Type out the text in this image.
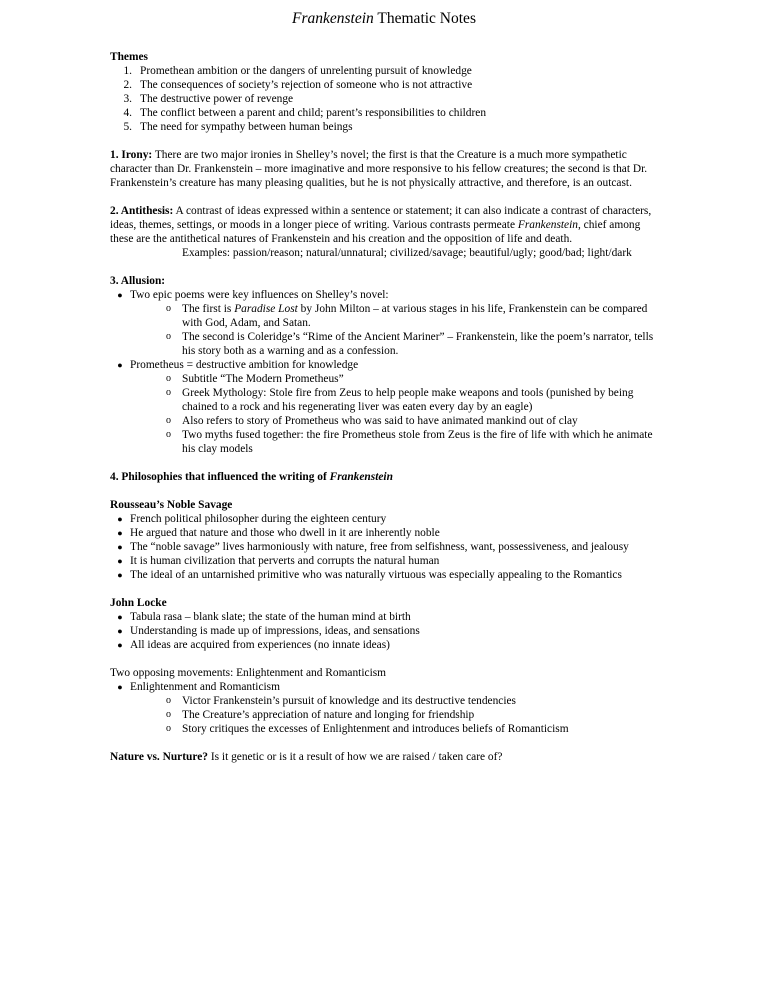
Frankenstein Thematic Notes

Themes

1. Promethean ambition or the dangers of unrelenting pursuit of knowledge
2. The consequences of society’s rejection of someone who is not attractive
3. The destructive power of revenge
4. The conflict between a parent and child; parent’s responsibilities to children
5. The need for sympathy between human beings

1. Irony: There are two major ironies in Shelley’s novel; the first is that the Creature is a much more sympathetic character than Dr. Frankenstein – more imaginative and more responsive to his fellow creatures; the second is that Dr. Frankenstein’s creature has many pleasing qualities, but he is not physically attractive, and therefore, is an outcast.

2. Antithesis: A contrast of ideas expressed within a sentence or statement; it can also indicate a contrast of characters, ideas, themes, settings, or moods in a longer piece of writing. Various contrasts permeate Frankenstein, chief among these are the antithetical natures of Frankenstein and his creation and the opposition of life and death.

Examples: passion/reason; natural/unnatural; civilized/savage; beautiful/ugly; good/bad; light/dark

3. Allusion:

● Two epic poems were key influences on Shelley’s novel:
o The first is Paradise Lost by John Milton – at various stages in his life, Frankenstein can be compared with God, Adam, and Satan.
o The second is Coleridge’s “Rime of the Ancient Mariner” – Frankenstein, like the poem’s narrator, tells his story both as a warning and as a confession.
● Prometheus = destructive ambition for knowledge
o Subtitle “The Modern Prometheus”
o Greek Mythology: Stole fire from Zeus to help people make weapons and tools (punished by being chained to a rock and his regenerating liver was eaten every day by an eagle)
o Also refers to story of Prometheus who was said to have animated mankind out of clay
o Two myths fused together: the fire Prometheus stole from Zeus is the fire of life with which he animate his clay models

4. Philosophies that influenced the writing of Frankenstein

Rousseau’s Noble Savage

● French political philosopher during the eighteen century
● He argued that nature and those who dwell in it are inherently noble
● The “noble savage” lives harmoniously with nature, free from selfishness, want, possessiveness, and jealousy
● It is human civilization that perverts and corrupts the natural human
● The ideal of an untarnished primitive who was naturally virtuous was especially appealing to the Romantics

John Locke

● Tabula rasa – blank slate; the state of the human mind at birth
● Understanding is made up of impressions, ideas, and sensations
● All ideas are acquired from experiences (no innate ideas)

Two opposing movements: Enlightenment and Romanticism

● Enlightenment and Romanticism
o Victor Frankenstein’s pursuit of knowledge and its destructive tendencies
o The Creature’s appreciation of nature and longing for friendship
o Story critiques the excesses of Enlightenment and introduces beliefs of Romanticism

Nature vs. Nurture? Is it genetic or is it a result of how we are raised / taken care of?
